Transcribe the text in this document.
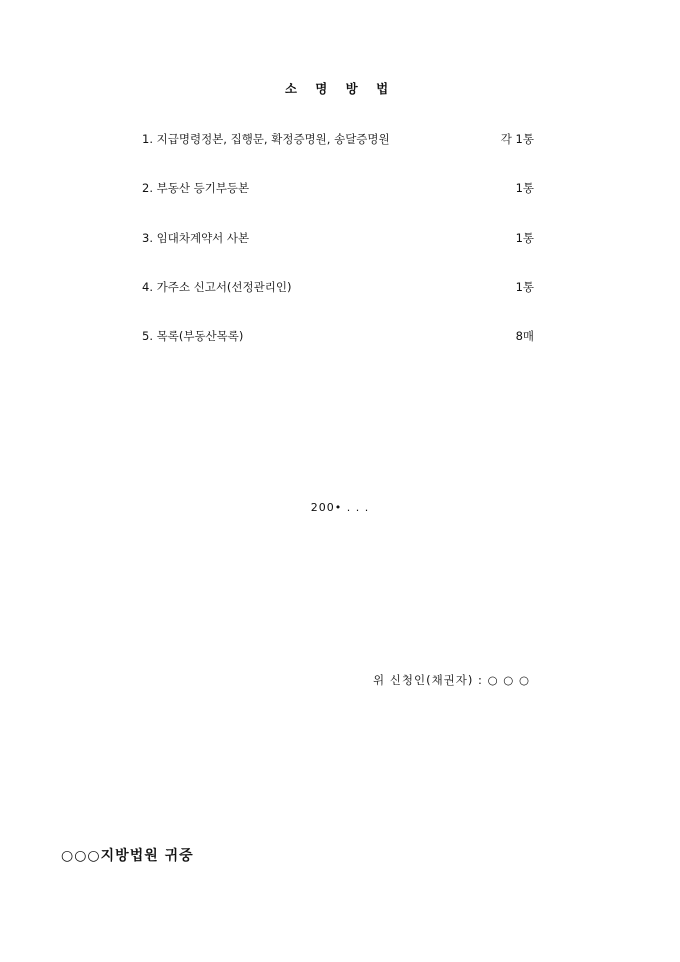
소 명 방 법
1. 지급명령정본, 집행문, 확정증명원, 송달증명원	각 1통
2. 부동산 등기부등본	1통
3. 임대차계약서 사본	1통
4. 가주소 신고서(선정관리인)	1통
5. 목록(부동산목록)	8매
200• . . .
위 신청인(채권자) : ○ ○ ○
○○○지방법원 귀중
